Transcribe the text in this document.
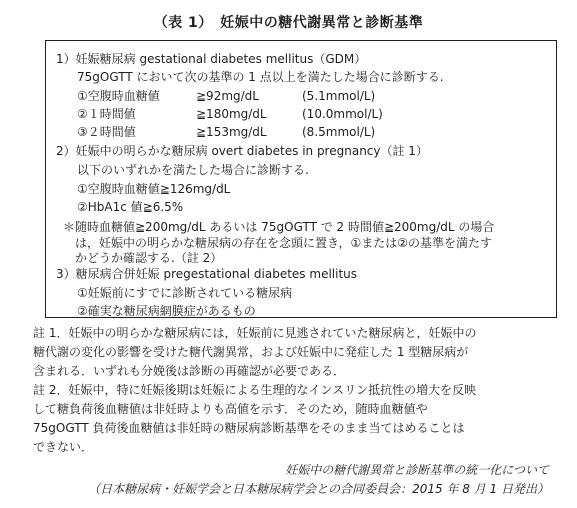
（表 1）　妊娠中の糖代謝異常と診断基準
1）妊娠糖尿病 gestational diabetes mellitus（GDM）
75gOGTT において次の基準の 1 点以上を満たした場合に診断する.
①空腹時血糖値	≧92mg/dL	(5.1mmol/L)
②１時間値	≧180mg/dL	(10.0mmol/L)
③２時間値	≧153mg/dL	(8.5mmol/L)
2）妊娠中の明らかな糖尿病 overt diabetes in pregnancy（註 1）
以下のいずれかを満たした場合に診断する.
①空腹時血糖値≧126mg/dL
②HbA1c 値≧6.5%
＊随時血糖値≧200mg/dL あるいは 75gOGTT で 2 時間値≧200mg/dL の場合
　は，妊娠中の明らかな糖尿病の存在を念頭に置き，①または②の基準を満たす
　かどうか確認する.（註 2）
3）糖尿病合併妊娠 pregestational diabetes mellitus
①妊娠前にすでに診断されている糖尿病
②確実な糖尿病網膜症があるもの
註 1．妊娠中の明らかな糖尿病には，妊娠前に見逃されていた糖尿病と，妊娠中の
糖代謝の変化の影響を受けた糖代謝異常，および妊娠中に発症した 1 型糖尿病が
含まれる．いずれも分娩後は診断の再確認が必要である．
註 2．妊娠中，特に妊娠後期は妊娠による生理的なインスリン抵抗性の増大を反映
して糖負荷後血糖値は非妊時よりも高値を示す．そのため，随時血糖値や
75gOGTT 負荷後血糖値は非妊時の糖尿病診断基準をそのまま当てはめることは
できない．
妊娠中の糖代謝異常と診断基準の統一化について
（日本糖尿病・妊娠学会と日本糖尿病学会との合同委員会：2015 年 8 月 1 日発出）
